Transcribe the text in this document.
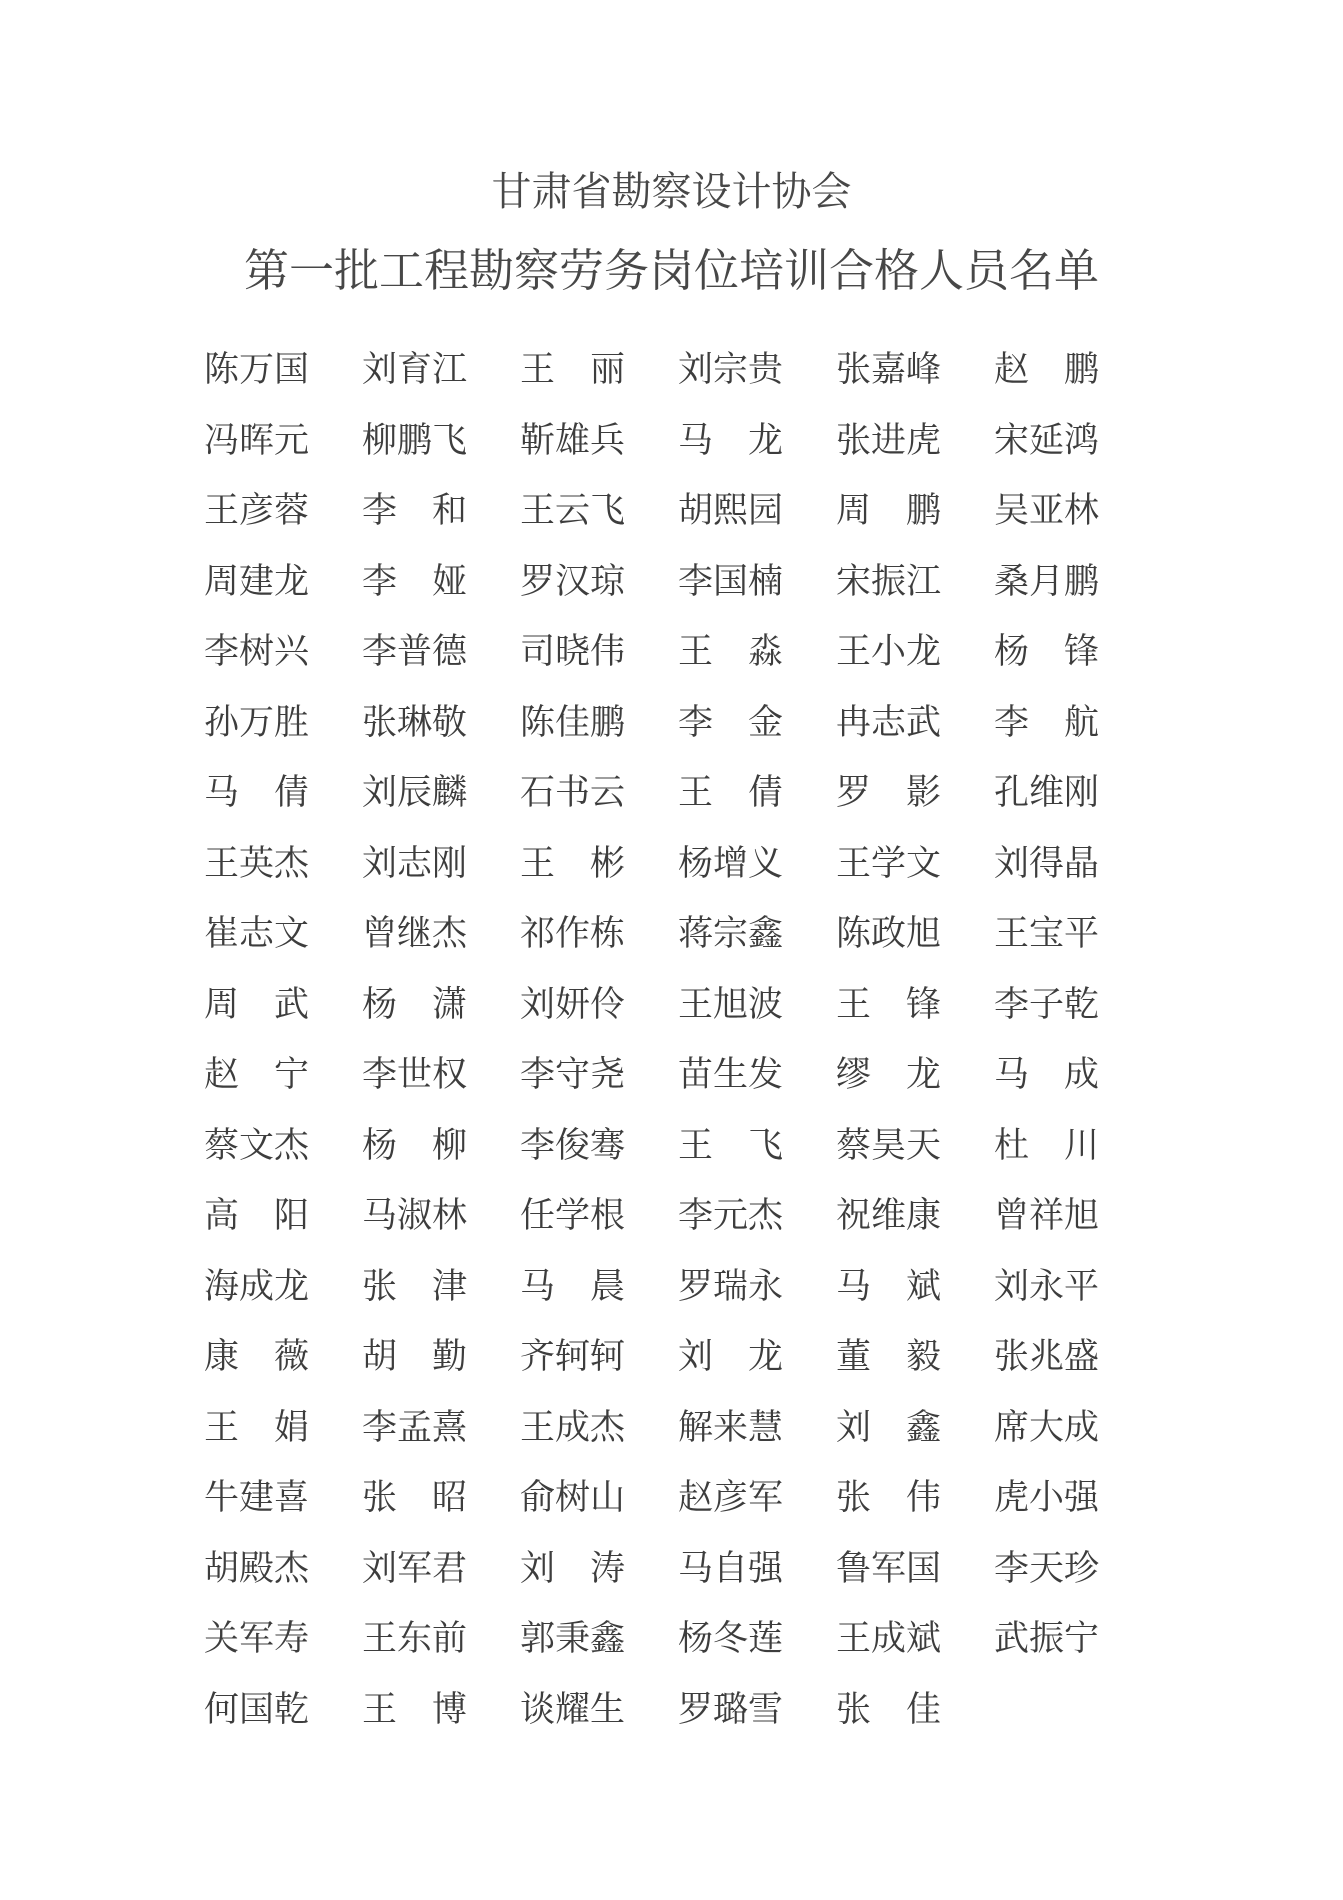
甘肃省勘察设计协会
第一批工程勘察劳务岗位培训合格人员名单
陈万国	刘育江	王　丽	刘宗贵	张嘉峰	赵　鹏
冯晖元	柳鹏飞	靳雄兵	马　龙	张进虎	宋延鸿
王彦蓉	李　和	王云飞	胡熙园	周　鹏	吴亚林
周建龙	李　娅	罗汉琼	李国楠	宋振江	桑月鹏
李树兴	李普德	司晓伟	王　淼	王小龙	杨　锋
孙万胜	张琳敬	陈佳鹏	李　金	冉志武	李　航
马　倩	刘辰麟	石书云	王　倩	罗　影	孔维刚
王英杰	刘志刚	王　彬	杨增义	王学文	刘得晶
崔志文	曾继杰	祁作栋	蒋宗鑫	陈政旭	王宝平
周　武	杨　潇	刘妍伶	王旭波	王　锋	李子乾
赵　宁	李世权	李守尧	苗生发	缪　龙	马　成
蔡文杰	杨　柳	李俊骞	王　飞	蔡昊天	杜　川
高　阳	马淑林	任学根	李元杰	祝维康	曾祥旭
海成龙	张　津	马　晨	罗瑞永	马　斌	刘永平
康　薇	胡　勤	齐轲轲	刘　龙	董　毅	张兆盛
王　娟	李孟熹	王成杰	解来慧	刘　鑫	席大成
牛建喜	张　昭	俞树山	赵彦军	张　伟	虎小强
胡殿杰	刘军君	刘　涛	马自强	鲁军国	李天珍
关军寿	王东前	郭秉鑫	杨冬莲	王成斌	武振宁
何国乾	王　博	谈耀生	罗璐雪	张　佳
